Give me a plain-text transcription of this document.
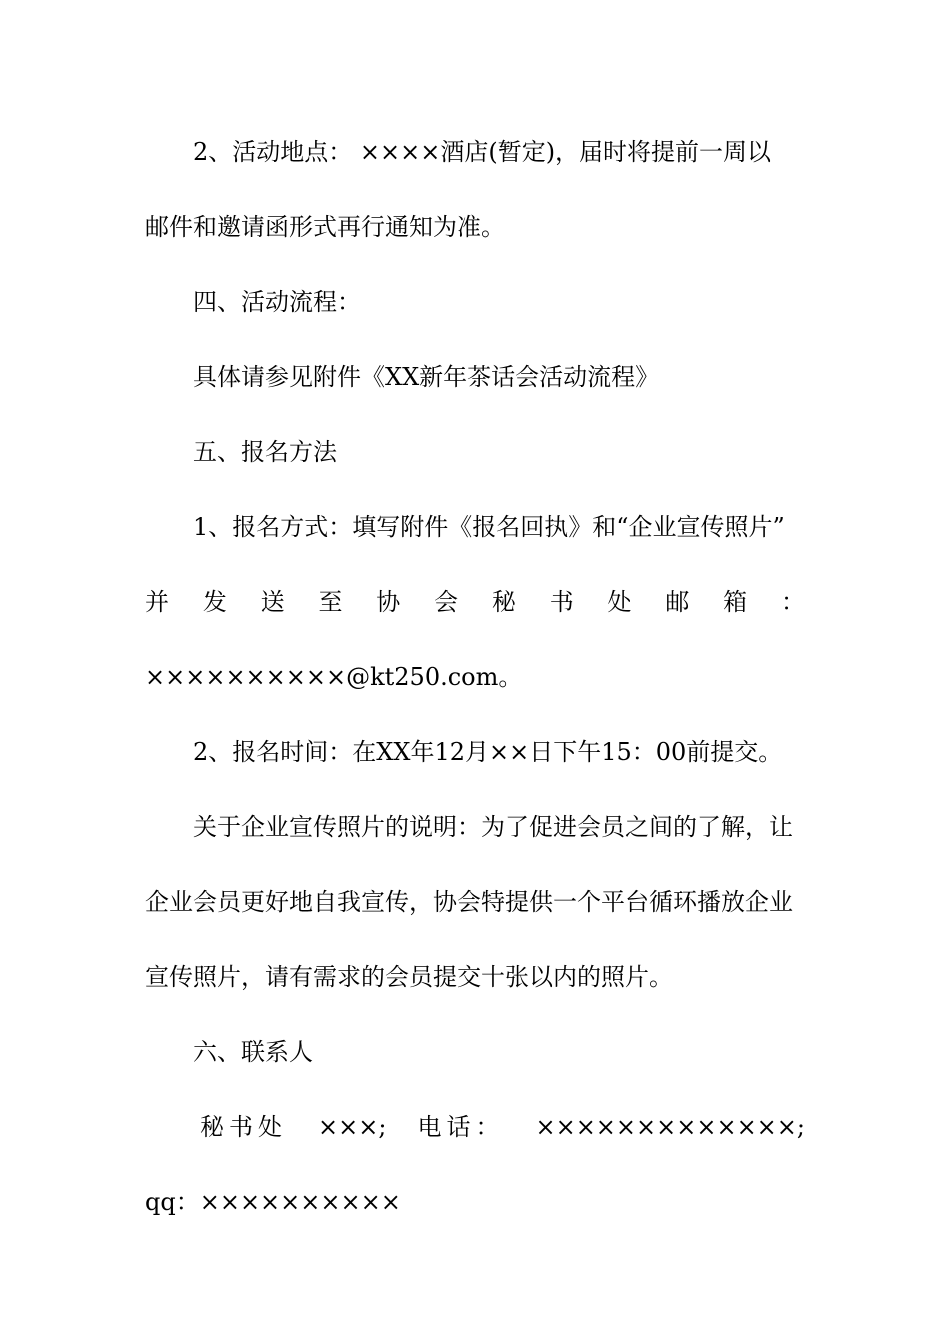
2、活动地点： ××××酒店(暂定)，届时将提前一周以
邮件和邀请函形式再行通知为准。
四、活动流程：
具体请参见附件《XX新年茶话会活动流程》
五、报名方法
1、报名方式：填写附件《报名回执》和“企业宣传照片”
并 发 送 至 协 会 秘 书 处 邮 箱 ：
××××××××××@kt250.com。
2、报名时间：在XX年12月××日下午15：00前提交。
关于企业宣传照片的说明：为了促进会员之间的了解，让
企业会员更好地自我宣传，协会特提供一个平台循环播放企业
宣传照片，请有需求的会员提交十张以内的照片。
六、联系人
秘书处 ×××; 电话： ×××××××××××××;
qq：××××××××××
